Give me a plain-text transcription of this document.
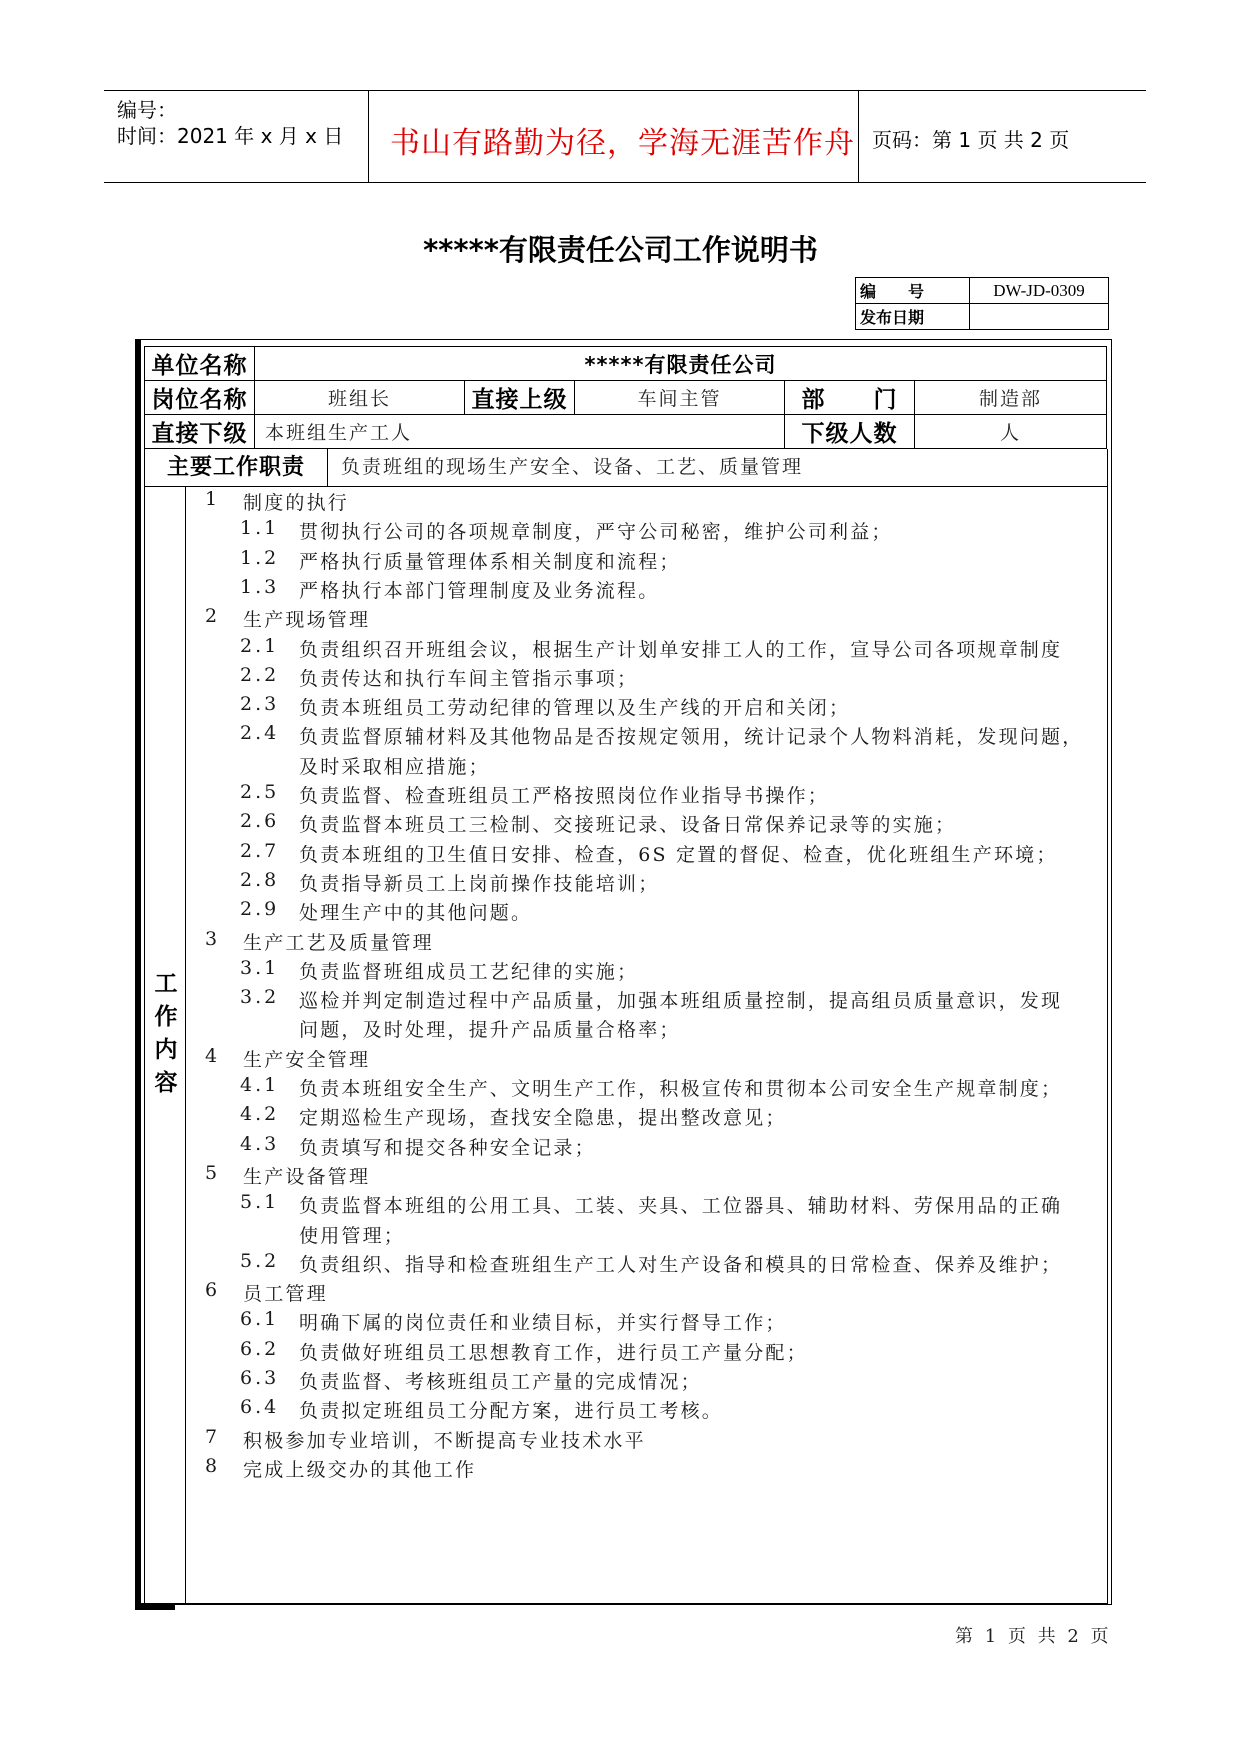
编号：
时间：2021 年 x 月 x 日 书山有路勤为径，学海无涯苦作舟 页码：第 1 页 共 2 页
*****有限责任公司工作说明书
编　　号	DW-JD-0309
发布日期	
单位名称	*****有限责任公司				
岗位名称	班组长	直接上级	车间主管	部　　门	制造部
直接下级	本班组生产工人			下级人数	人
主要工作职责	负责班组的现场生产安全、设备、工艺、质量管理
工
作
内
容
1 制度的执行
1.1 贯彻执行公司的各项规章制度，严守公司秘密，维护公司利益；
1.2 严格执行质量管理体系相关制度和流程；
1.3 严格执行本部门管理制度及业务流程。
2 生产现场管理
2.1 负责组织召开班组会议，根据生产计划单安排工人的工作，宣导公司各项规章制度
2.2 负责传达和执行车间主管指示事项；
2.3 负责本班组员工劳动纪律的管理以及生产线的开启和关闭；
2.4 负责监督原辅材料及其他物品是否按规定领用，统计记录个人物料消耗，发现问题，
及时采取相应措施；
2.5 负责监督、检查班组员工严格按照岗位作业指导书操作；
2.6 负责监督本班员工三检制、交接班记录、设备日常保养记录等的实施；
2.7 负责本班组的卫生值日安排、检查，6S 定置的督促、检查，优化班组生产环境；
2.8 负责指导新员工上岗前操作技能培训；
2.9 处理生产中的其他问题。
3 生产工艺及质量管理
3.1 负责监督班组成员工艺纪律的实施；
3.2 巡检并判定制造过程中产品质量，加强本班组质量控制，提高组员质量意识，发现
问题，及时处理，提升产品质量合格率；
4 生产安全管理
4.1 负责本班组安全生产、文明生产工作，积极宣传和贯彻本公司安全生产规章制度；
4.2 定期巡检生产现场，查找安全隐患，提出整改意见；
4.3 负责填写和提交各种安全记录；
5 生产设备管理
5.1 负责监督本班组的公用工具、工装、夹具、工位器具、辅助材料、劳保用品的正确
使用管理；
5.2 负责组织、指导和检查班组生产工人对生产设备和模具的日常检查、保养及维护；
6 员工管理
6.1 明确下属的岗位责任和业绩目标，并实行督导工作；
6.2 负责做好班组员工思想教育工作，进行员工产量分配；
6.3 负责监督、考核班组员工产量的完成情况；
6.4 负责拟定班组员工分配方案，进行员工考核。
7 积极参加专业培训，不断提高专业技术水平
8 完成上级交办的其他工作
第 1 页 共 2 页
